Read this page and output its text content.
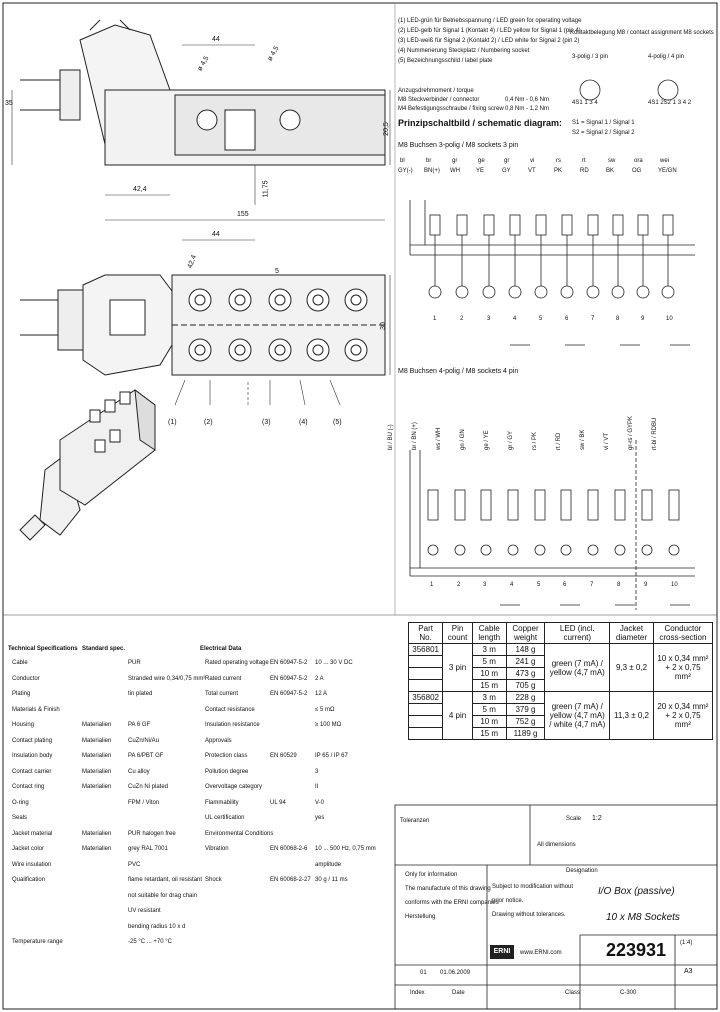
(1) LED-grün für Betriebsspannung / LED green for operating voltage
(2) LED-gelb für Signal 1 (Kontakt 4) / LED yellow for Signal 1 (pin 4)
(3) LED-weiß für Signal 2 (Kontakt 2) / LED white for Signal 2 (pin 2)
(4) Nummerierung Steckplatz / Numbering socket
(5) Bezeichnungsschild / label plate
Kontaktbelegung M8 / contact assignment M8 sockets
3-polig / 3 pin	4-polig / 4 pin
4S1 1 3 4	4S1 2S2 1 3 4 2
S1 = Signal 1 / Signal 1
S2 = Signal 2 / Signal 2
Anzugsdrehmoment / torque
M8 Steckverbinder / connector	0,4 Nm - 0,6 Nm
M4 Befestigungsschraube / fixing screw 0,8 Nm - 1,2 Nm
Prinzipschaltbild / schematic diagram:
35
44
ø 4,5
ø 4,5
20,5
11,75
42,4
155
44
42,4
30
5
(1)	(2)	(3)	(4)	(5)
M8 Buchsen 3-polig / M8 sockets 3 pin
bl
GY(-)
br
BN(+)
gr
WH
ge
YE
gr
GY
vi
VT
rs
PK
rt
RD
sw
BK
ora
OG
wei
YE/GN
1	2	3	4	5	6	7	8	9	10
M8 Buchsen 4-polig / M8 sockets 4 pin
bl / BU (-)	br / BN (+)	ws / WH	gn / GN	ge / YE	gr / GY	rs / PK	rt / RD	sw / BK	vi / VT	gr-rs / GYPK	rt-bl / RDBU
1	2	3	4	5	6	7	8	9	10
Technical Specifications Standard spec.	Electrical Data
Cable	PUR
Conductor	Stranded wire 0,34/0,75 mm²
Plating	tin plated
Materials & Finish
Housing	Materialien	PA 6 GF
Contact plating	Materialien	CuZn/Ni/Au
Insulation body	Materialien	PA 6/PBT GF
Contact carrier	Materialien	Cu alloy
Contact ring	Materialien	CuZn Ni plated
O-ring	FPM / Viton
Seals
Jacket material	Materialien	PUR halogen free
Jacket color	Materialien	grey RAL 7001
Wire insulation	PVC
Qualification	flame retardant, oil resistant
not suitable for drag chain
UV resistant
bending radius 10 x d
Temperature range	-25 °C ... +70 °C
Rated operating voltage EN 60947-5-2 10 ... 30 V DC
Rated current	EN 60947-5-2 2 A
Total current	EN 60947-5-2 12 A
Contact resistance	≤ 5 mΩ
Insulation resistance	≥ 100 MΩ
Approvals
Protection class	EN 60529	IP 65 / IP 67
Pollution degree	3
Overvoltage category	II
Flammability	UL 94	V-0
UL certification	yes
Environmental Conditions
Vibration	EN 60068-2-6 10 ... 500 Hz, 0,75 mm
amplitude
Shock	EN 60068-2-27 30 g / 11 ms
Part No.	Pin count	Cable length	Copper weight	LED (incl. current)	Jacket diameter	Conductor cross-section
356801	3 pin	3 m	148 g	green (7 mA) / yellow (4,7 mA)	9,3 ± 0,2	10 x 0,34 mm² + 2 x 0,75 mm²
		5 m	241 g			
		10 m	473 g			
		15 m	705 g			
356802	4 pin	3 m	228 g	green (7 mA) / yellow (4,7 mA) / white (4,7 mA)	11,3 ± 0,2	20 x 0,34 mm² + 2 x 0,75 mm²
		5 m	379 g			
		10 m	752 g			
		15 m	1189 g			
Toleranzen	Scale 1:2
All dimensions
Only for information
The manufacture of this drawing
conforms with the ERNI companies
Herstellung
Subject to modification without
prior notice.
Drawing without tolerances.
Designation
I/O Box (passive)
10 x M8 Sockets
ERNI	www.ERNI.com 223931 (1:4)
A3
01.06.2009
Date	Class	C-300
Index
01
